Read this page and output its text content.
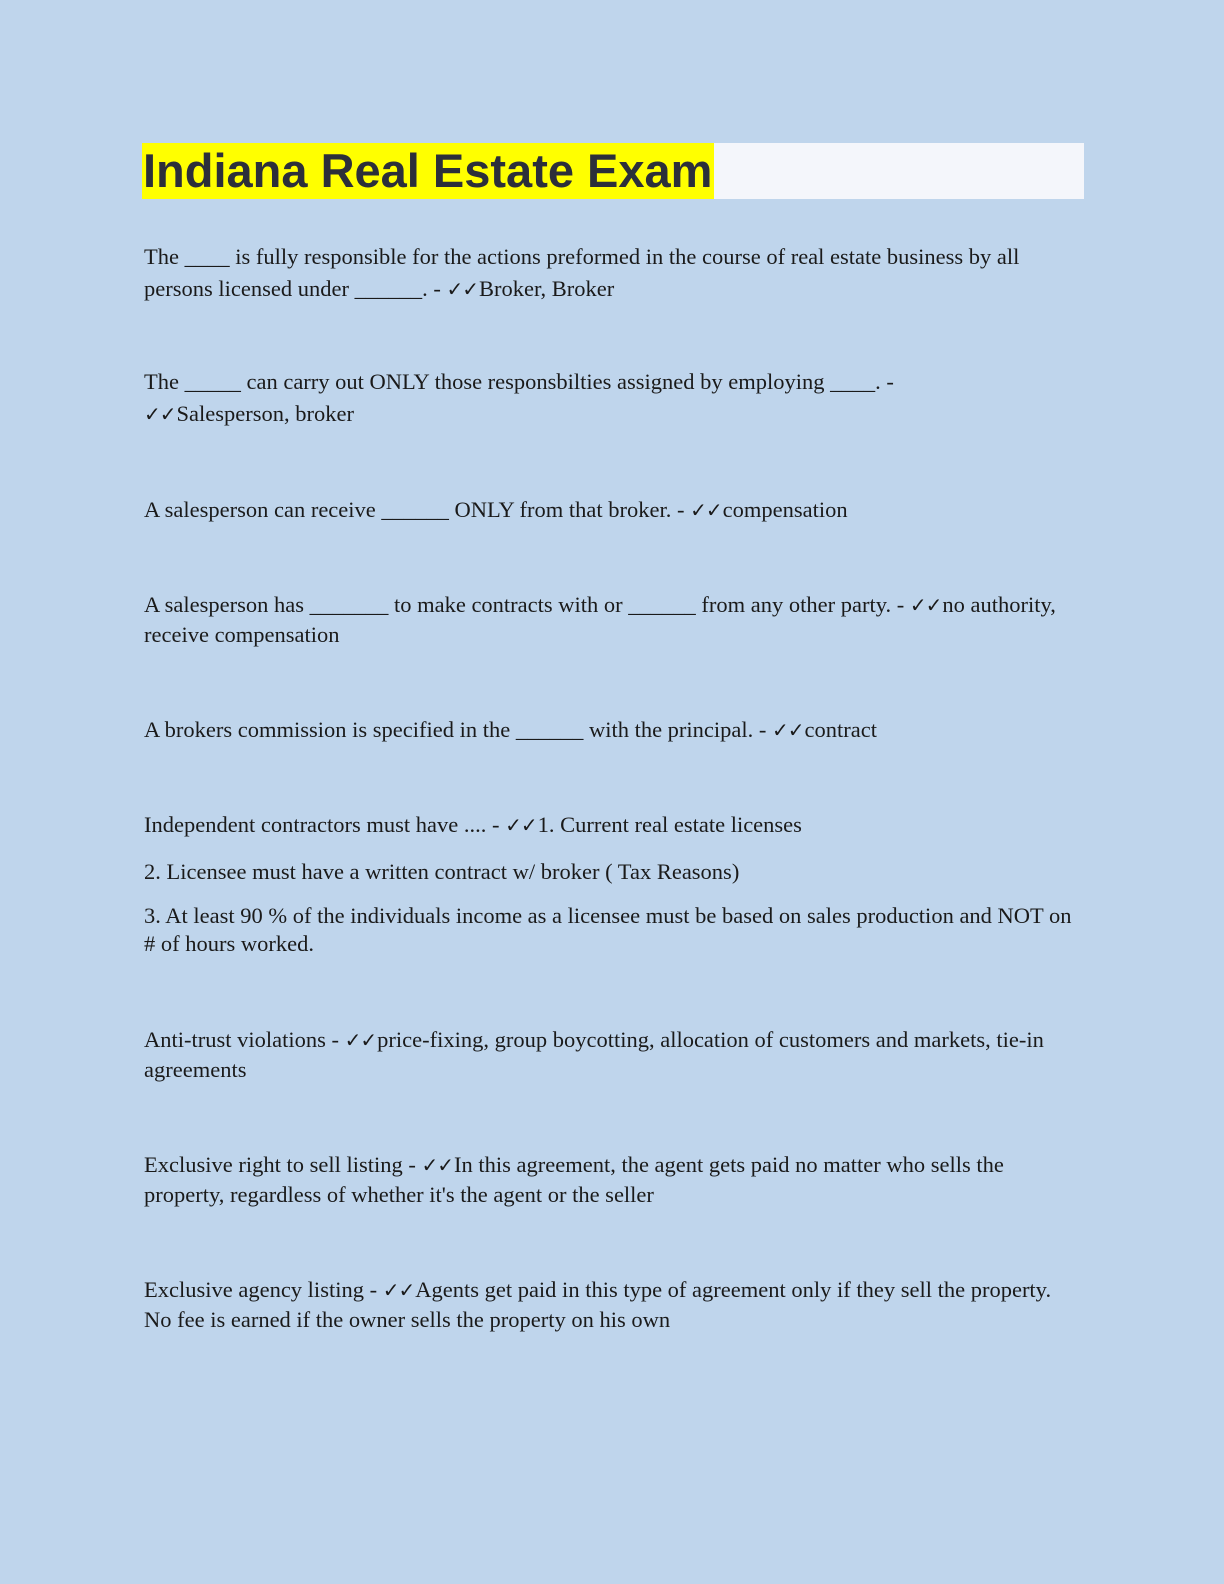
Indiana Real Estate Exam

The ____ is fully responsible for the actions preformed in the course of real estate business by all persons licensed under ______. - ✓✓Broker, Broker

The _____ can carry out ONLY those responsbilties assigned by employing ____. -
✓✓Salesperson, broker

A salesperson can receive ______ ONLY from that broker. - ✓✓compensation

A salesperson has _______ to make contracts with or ______ from any other party. - ✓✓no authority, receive compensation

A brokers commission is specified in the ______ with the principal. - ✓✓contract

Independent contractors must have .... - ✓✓1. Current real estate licenses

2. Licensee must have a written contract w/ broker ( Tax Reasons)

3. At least 90 % of the individuals income as a licensee must be based on sales production and NOT on # of hours worked.

Anti-trust violations - ✓✓price-fixing, group boycotting, allocation of customers and markets, tie-in agreements

Exclusive right to sell listing - ✓✓In this agreement, the agent gets paid no matter who sells the property, regardless of whether it's the agent or the seller

Exclusive agency listing - ✓✓Agents get paid in this type of agreement only if they sell the property. No fee is earned if the owner sells the property on his own
